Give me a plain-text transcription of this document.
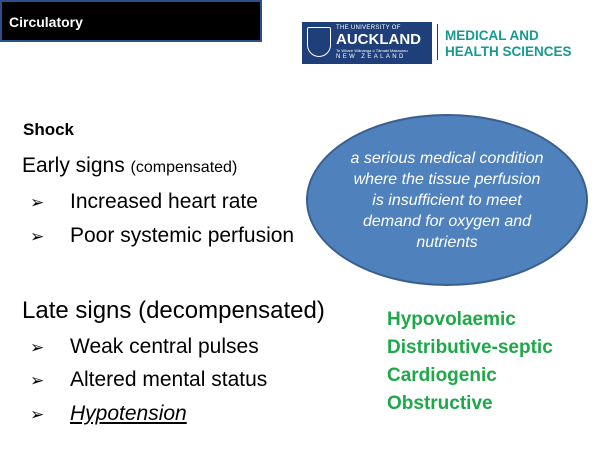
Circulatory	THE UNIVERSITY OF
AUCKLAND
Te Whare Wānanga o Tāmaki Makaurau
NEW ZEALAND
MEDICAL AND
HEALTH SCIENCES
Shock
Early signs (compensated)
➢ Increased heart rate
➢ Poor systemic perfusion
Late signs (decompensated)
➢ Weak central pulses
➢ Altered mental status
➢ Hypotension
a serious medical condition where the tissue perfusion is insufficient to meet demand for oxygen and nutrients
Hypovolaemic
Distributive-septic
Cardiogenic
Obstructive
